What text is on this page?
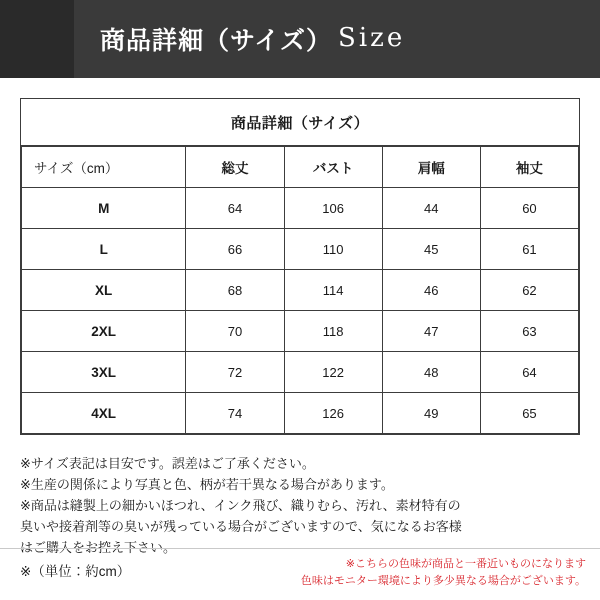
商品詳細（サイズ） Size
商品詳細（サイズ）
サイズ（cm）	総丈	バスト	肩幅	袖丈
M	64	106	44	60
L	66	110	45	61
XL	68	114	46	62
2XL	70	118	47	63
3XL	72	122	48	64
4XL	74	126	49	65

※サイズ表記は目安です。誤差はご了承ください。

※生産の関係により写真と色、柄が若干異なる場合があります。

※商品は縫製上の細かいほつれ、インク飛び、織りむら、汚れ、素材特有の

臭いや接着剤等の臭いが残っている場合がございますので、気になるお客様

はご購入をお控え下さい。

※（単位：約cm）	※こちらの色味が商品と一番近いものになります
色味はモニター環境により多少異なる場合がございます。
